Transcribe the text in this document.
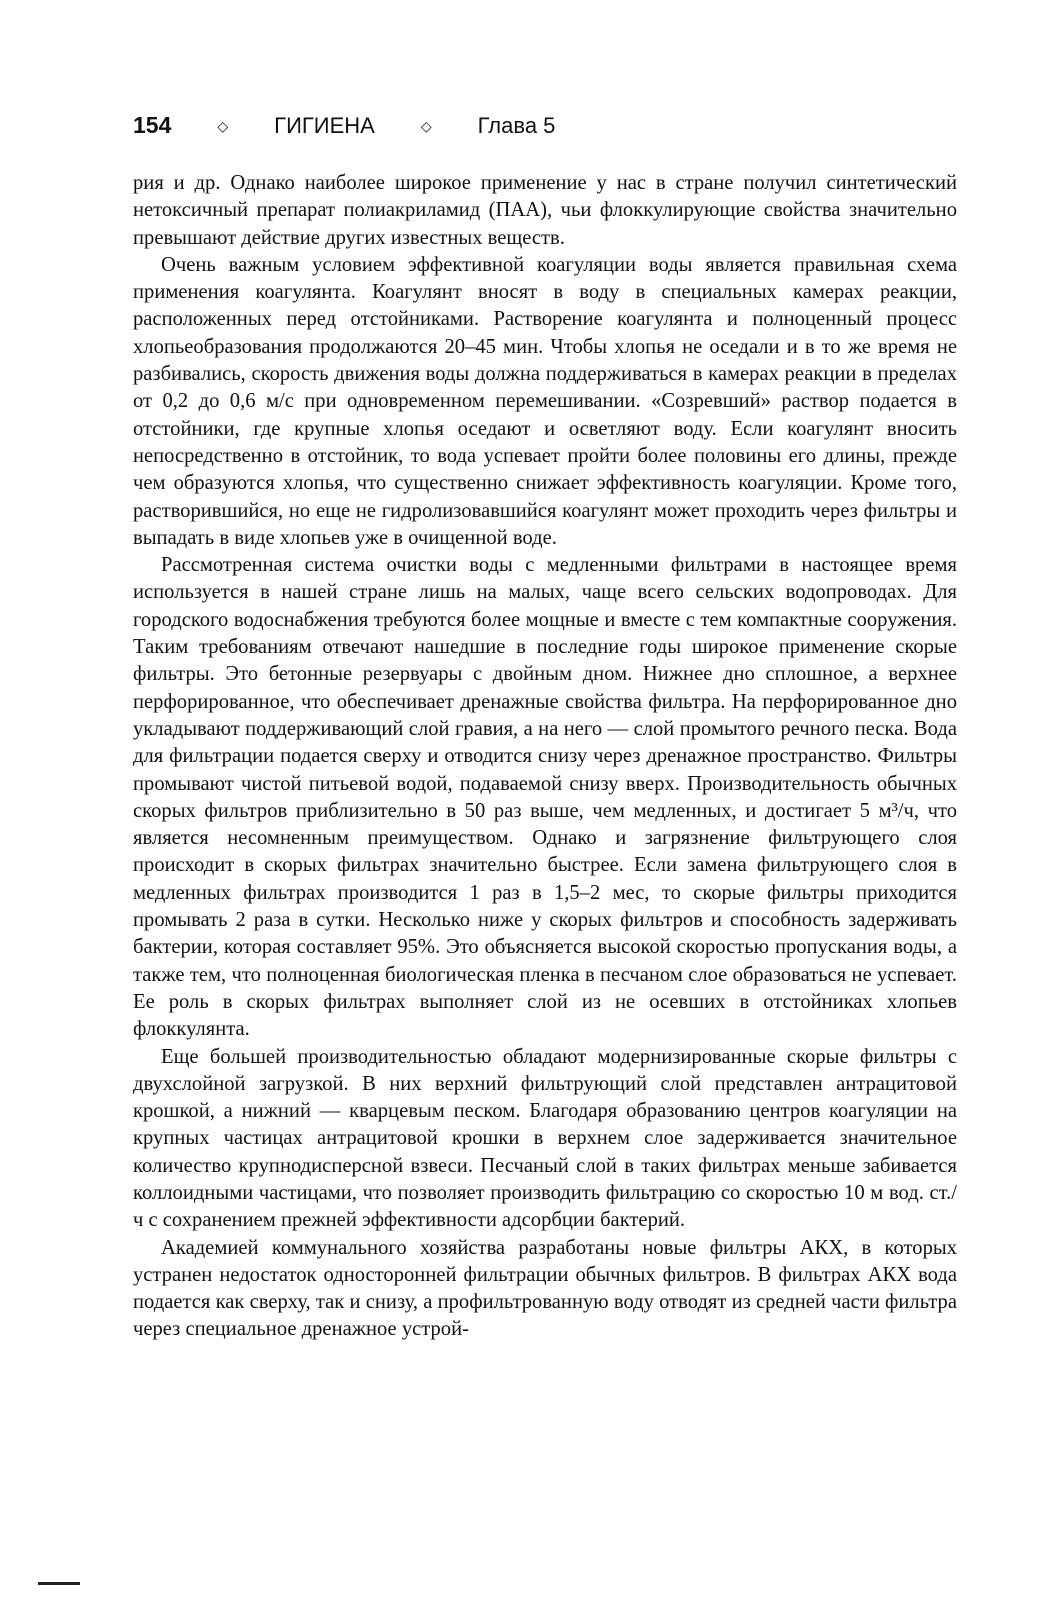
154	◇ ГИГИЕНА	◇ Глава 5

рия и др. Однако наиболее широкое применение у нас в стране получил синтетический нетоксичный препарат полиакриламид (ПАА), чьи флоккулирующие свойства значительно превышают действие других известных веществ.

Очень важным условием эффективной коагуляции воды является правильная схема применения коагулянта. Коагулянт вносят в воду в специальных камерах реакции, расположенных перед отстойниками. Растворение коагулянта и полноценный процесс хлопьеобразования продолжаются 20–45 мин. Чтобы хлопья не оседали и в то же время не разбивались, скорость движения воды должна поддерживаться в камерах реакции в пределах от 0,2 до 0,6 м/с при одновременном перемешивании. «Созревший» раствор подается в отстойники, где крупные хлопья оседают и осветляют воду. Если коагулянт вносить непосредственно в отстойник, то вода успевает пройти более половины его длины, прежде чем образуются хлопья, что существенно снижает эффективность коагуляции. Кроме того, растворившийся, но еще не гидролизовавшийся коагулянт может проходить через фильтры и выпадать в виде хлопьев уже в очищенной воде.

Рассмотренная система очистки воды с медленными фильтрами в настоящее время используется в нашей стране лишь на малых, чаще всего сельских водопроводах. Для городского водоснабжения требуются более мощные и вместе с тем компактные сооружения. Таким требованиям отвечают нашедшие в последние годы широкое применение скорые фильтры. Это бетонные резервуары с двойным дном. Нижнее дно сплошное, а верхнее перфорированное, что обеспечивает дренажные свойства фильтра. На перфорированное дно укладывают поддерживающий слой гравия, а на него — слой промытого речного песка. Вода для фильтрации подается сверху и отводится снизу через дренажное пространство. Фильтры промывают чистой питьевой водой, подаваемой снизу вверх. Производительность обычных скорых фильтров приблизительно в 50 раз выше, чем медленных, и достигает 5 м³/ч, что является несомненным преимуществом. Однако и загрязнение фильтрующего слоя происходит в скорых фильтрах значительно быстрее. Если замена фильтрующего слоя в медленных фильтрах производится 1 раз в 1,5–2 мес, то скорые фильтры приходится промывать 2 раза в сутки. Несколько ниже у скорых фильтров и способность задерживать бактерии, которая составляет 95%. Это объясняется высокой скоростью пропускания воды, а также тем, что полноценная биологическая пленка в песчаном слое образоваться не успевает. Ее роль в скорых фильтрах выполняет слой из не осевших в отстойниках хлопьев флоккулянта.

Еще большей производительностью обладают модернизированные скорые фильтры с двухслойной загрузкой. В них верхний фильтрующий слой представлен антрацитовой крошкой, а нижний — кварцевым песком. Благодаря образованию центров коагуляции на крупных частицах антрацитовой крошки в верхнем слое задерживается значительное количество крупнодисперсной взвеси. Песчаный слой в таких фильтрах меньше забивается коллоидными частицами, что позволяет производить фильтрацию со скоростью 10 м вод. ст./ч с сохранением прежней эффективности адсорбции бактерий.

Академией коммунального хозяйства разработаны новые фильтры АКХ, в которых устранен недостаток односторонней фильтрации обычных фильтров. В фильтрах АКХ вода подается как сверху, так и снизу, а профильтрованную воду отводят из средней части фильтра через специальное дренажное устрой-
